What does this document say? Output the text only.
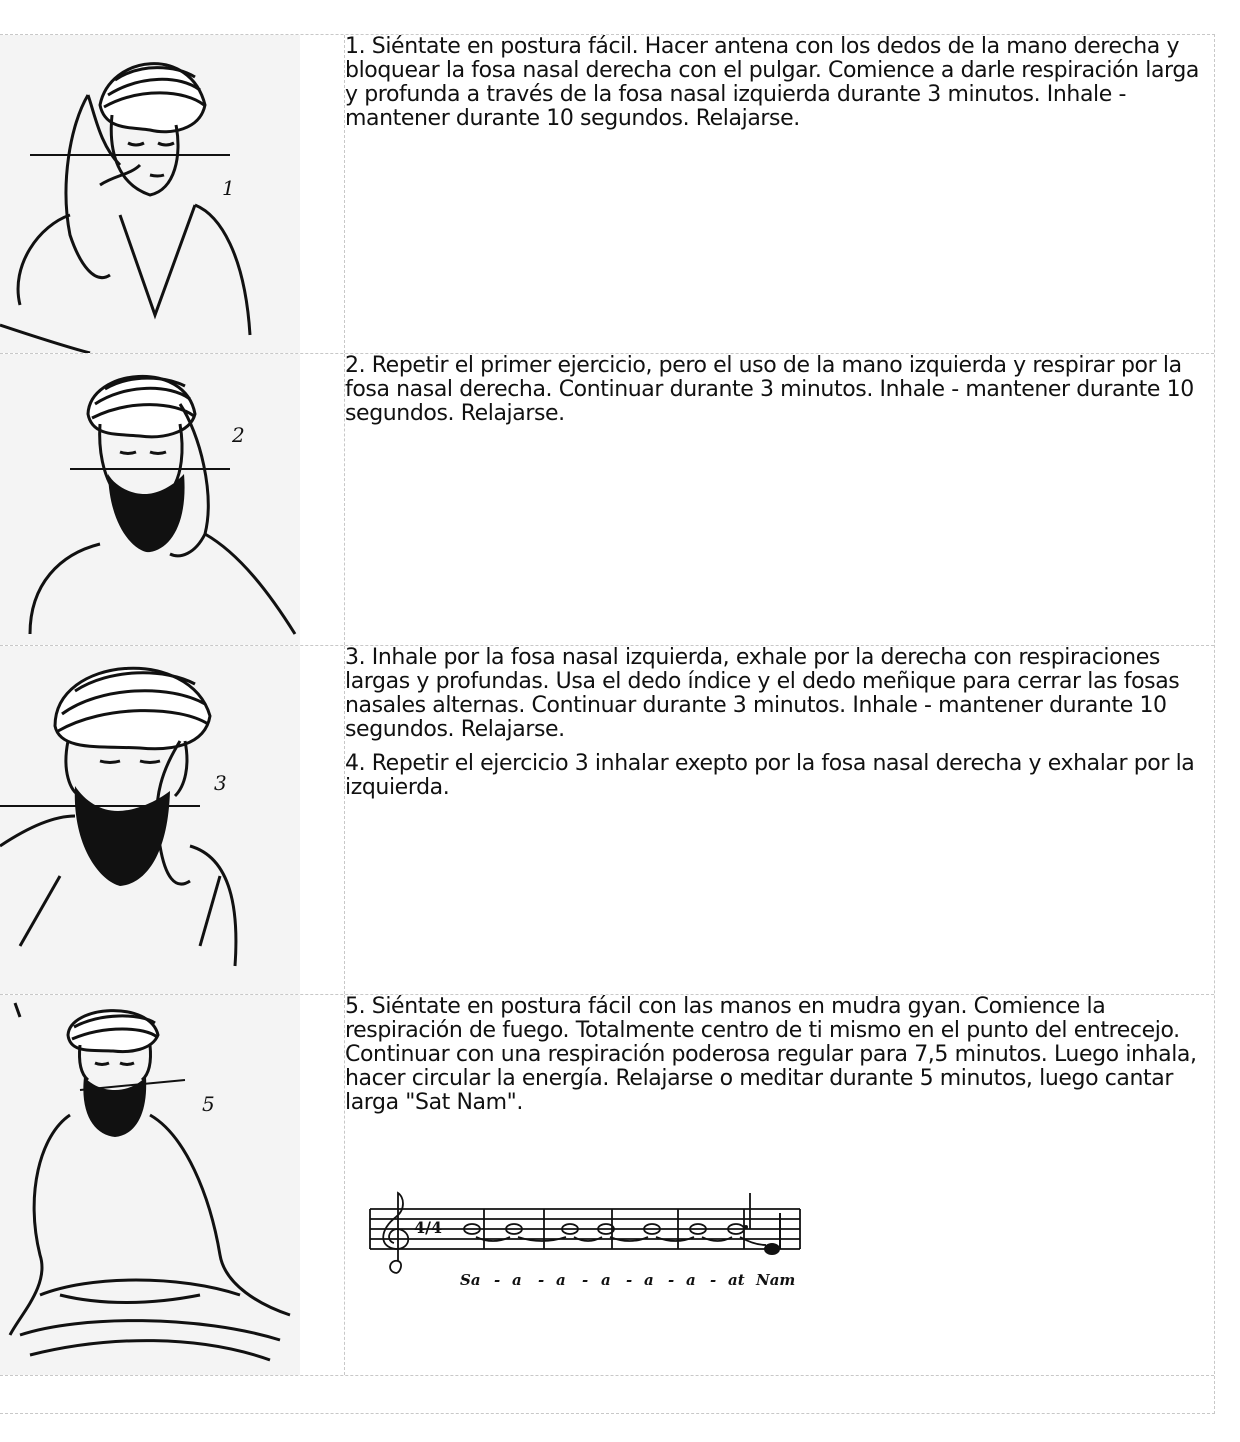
1

1. Siéntate en postura fácil. Hacer antena con los dedos de la mano derecha y bloquear la fosa nasal derecha con el pulgar. Comience a darle respiración larga y profunda a través de la fosa nasal izquierda durante 3 minutos. Inhale - mantener durante 10 segundos. Relajarse.

2

2. Repetir el primer ejercicio, pero el uso de la mano izquierda y respirar por la fosa nasal derecha. Continuar durante 3 minutos. Inhale - mantener durante 10 segundos. Relajarse.

3

3. Inhale por la fosa nasal izquierda, exhale por la derecha con respiraciones largas y profundas. Usa el dedo índice y el dedo meñique para cerrar las fosas nasales alternas. Continuar durante 3 minutos. Inhale - mantener durante 10 segundos. Relajarse.

4. Repetir el ejercicio 3 inhalar exepto por la fosa nasal derecha y exhalar por la izquierda.

5

5. Siéntate en postura fácil con las manos en mudra gyan. Comience la respiración de fuego. Totalmente centro de ti mismo en el punto del entrecejo. Continuar con una respiración poderosa regular para 7,5 minutos. Luego inhala, hacer circular la energía. Relajarse o meditar durante 5 minutos, luego cantar larga "Sat Nam".

4/4
Sa - a - a - a - a - a - at Nam
